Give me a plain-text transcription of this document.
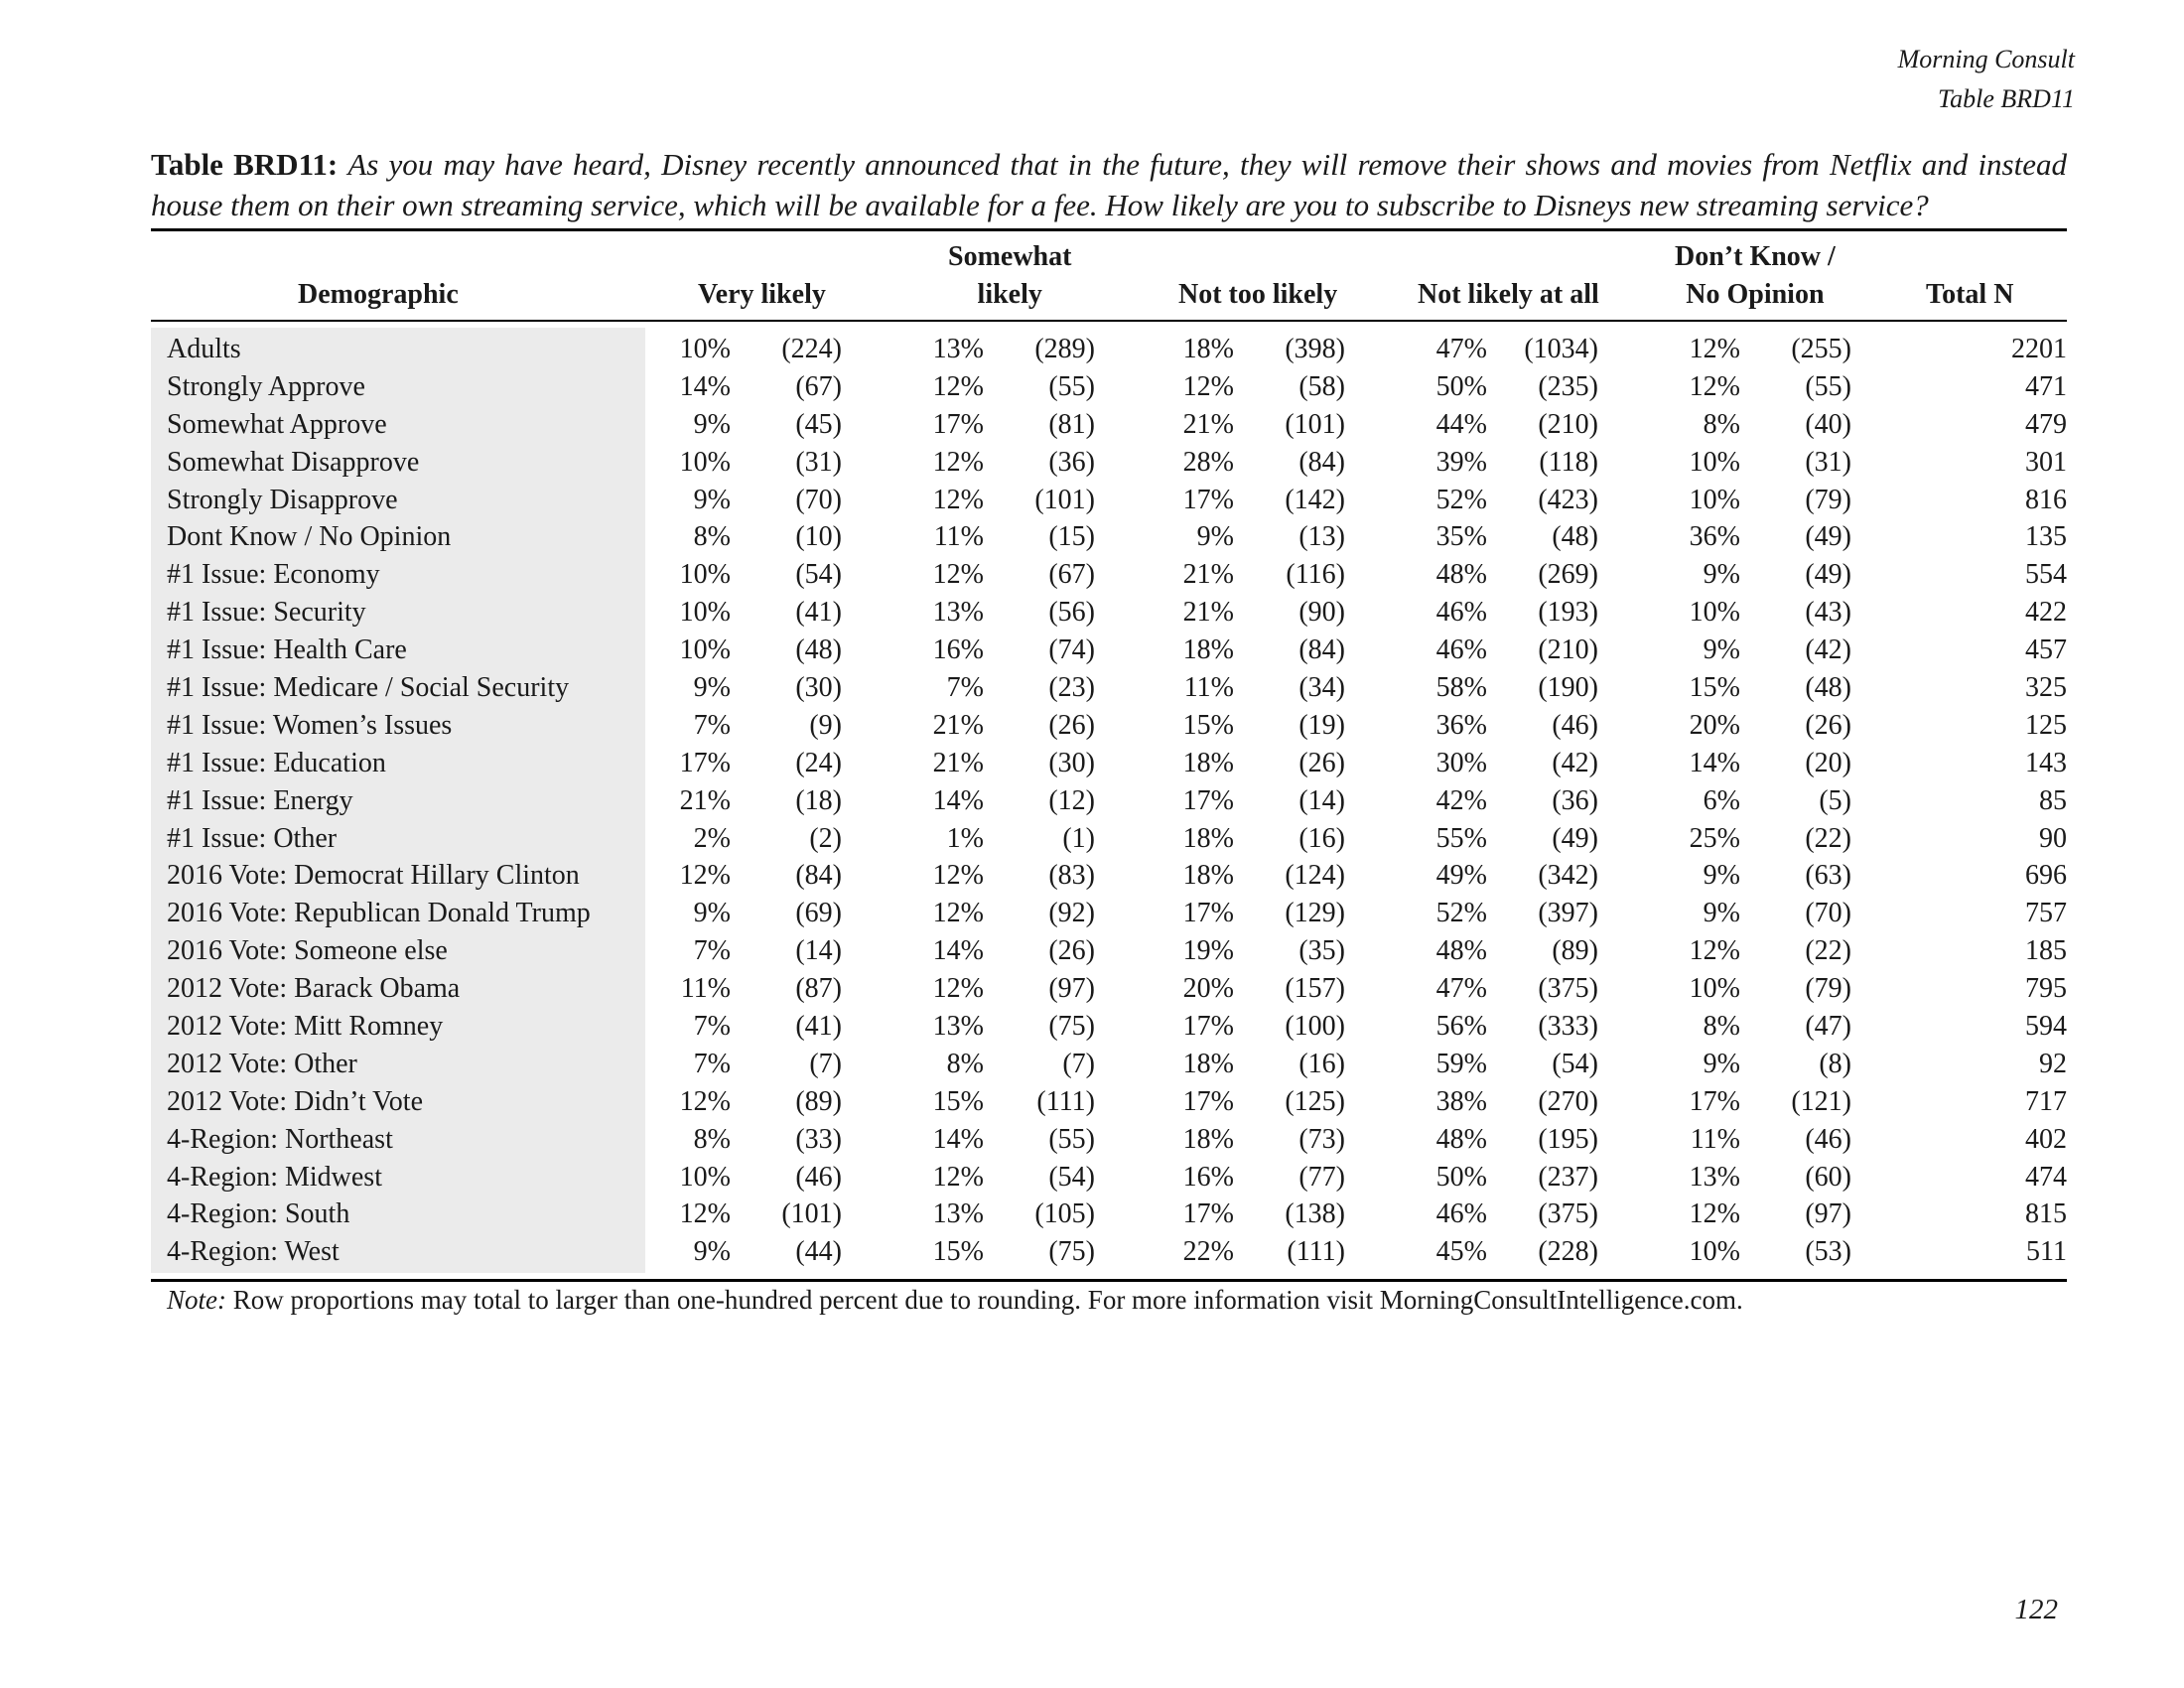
Morning Consult
Table BRD11
Table BRD11: As you may have heard, Disney recently announced that in the future, they will remove their shows and movies from Netflix and instead house them on their own streaming service, which will be available for a fee. How likely are you to subscribe to Disneys new streaming service?
Demographic	Very likely
Somewhat
likely	Not too likely	Not likely at all
Don’t Know /
No Opinion	Total N
Adults	10%	(224)	13%	(289)	18%	(398)	47%	(1034)	12%	(255)	2201
Strongly Approve	14%	(67)	12%	(55)	12%	(58)	50%	(235)	12%	(55)	471
Somewhat Approve	9%	(45)	17%	(81)	21%	(101)	44%	(210)	8%	(40)	479
Somewhat Disapprove	10%	(31)	12%	(36)	28%	(84)	39%	(118)	10%	(31)	301
Strongly Disapprove	9%	(70)	12%	(101)	17%	(142)	52%	(423)	10%	(79)	816
Dont Know / No Opinion	8%	(10)	11%	(15)	9%	(13)	35%	(48)	36%	(49)	135
#1 Issue: Economy	10%	(54)	12%	(67)	21%	(116)	48%	(269)	9%	(49)	554
#1 Issue: Security	10%	(41)	13%	(56)	21%	(90)	46%	(193)	10%	(43)	422
#1 Issue: Health Care	10%	(48)	16%	(74)	18%	(84)	46%	(210)	9%	(42)	457
#1 Issue: Medicare / Social Security	9%	(30)	7%	(23)	11%	(34)	58%	(190)	15%	(48)	325
#1 Issue: Women’s Issues	7%	(9)	21%	(26)	15%	(19)	36%	(46)	20%	(26)	125
#1 Issue: Education	17%	(24)	21%	(30)	18%	(26)	30%	(42)	14%	(20)	143
#1 Issue: Energy	21%	(18)	14%	(12)	17%	(14)	42%	(36)	6%	(5)	85
#1 Issue: Other	2%	(2)	1%	(1)	18%	(16)	55%	(49)	25%	(22)	90
2016 Vote: Democrat Hillary Clinton	12%	(84)	12%	(83)	18%	(124)	49%	(342)	9%	(63)	696
2016 Vote: Republican Donald Trump	9%	(69)	12%	(92)	17%	(129)	52%	(397)	9%	(70)	757
2016 Vote: Someone else	7%	(14)	14%	(26)	19%	(35)	48%	(89)	12%	(22)	185
2012 Vote: Barack Obama	11%	(87)	12%	(97)	20%	(157)	47%	(375)	10%	(79)	795
2012 Vote: Mitt Romney	7%	(41)	13%	(75)	17%	(100)	56%	(333)	8%	(47)	594
2012 Vote: Other	7%	(7)	8%	(7)	18%	(16)	59%	(54)	9%	(8)	92
2012 Vote: Didn’t Vote	12%	(89)	15%	(111)	17%	(125)	38%	(270)	17%	(121)	717
4-Region: Northeast	8%	(33)	14%	(55)	18%	(73)	48%	(195)	11%	(46)	402
4-Region: Midwest	10%	(46)	12%	(54)	16%	(77)	50%	(237)	13%	(60)	474
4-Region: South	12%	(101)	13%	(105)	17%	(138)	46%	(375)	12%	(97)	815
4-Region: West	9%	(44)	15%	(75)	22%	(111)	45%	(228)	10%	(53)	511
Note: Row proportions may total to larger than one-hundred percent due to rounding. For more information visit MorningConsultIntelligence.com.
122
